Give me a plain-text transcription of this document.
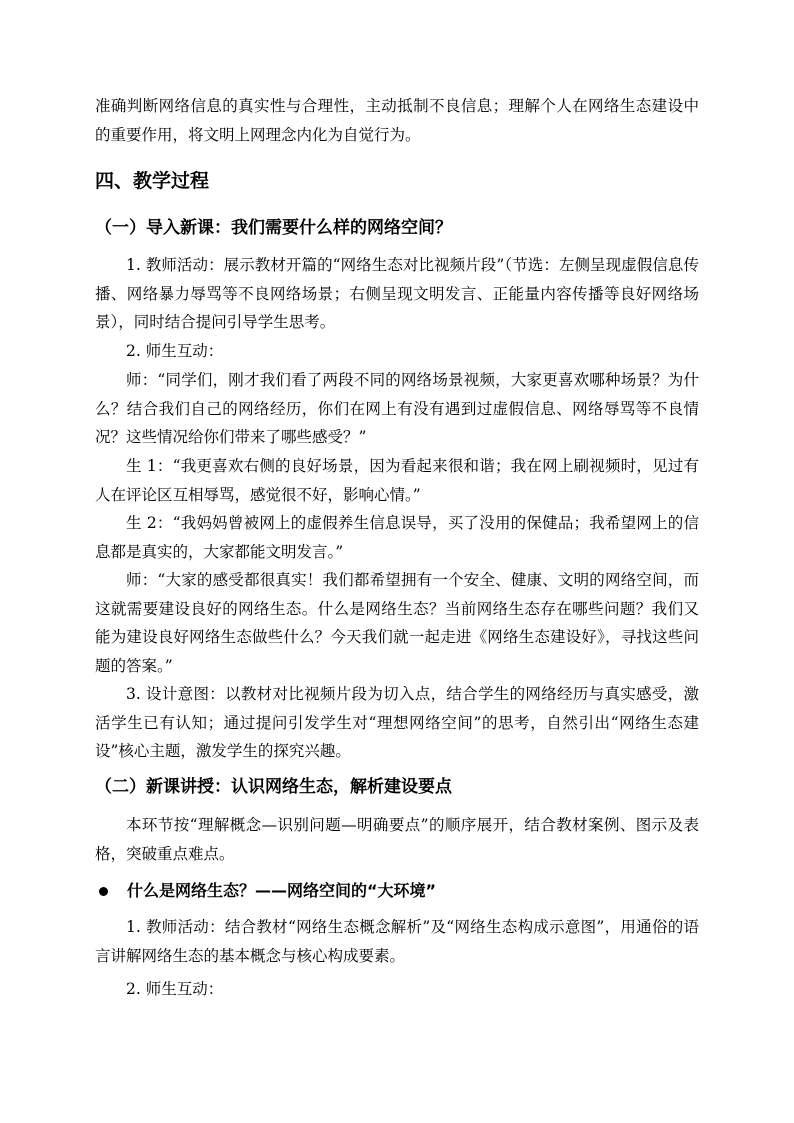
准确判断网络信息的真实性与合理性，主动抵制不良信息；理解个人在网络生态建设中的重要作用，将文明上网理念内化为自觉行为。

四、教学过程
（一）导入新课：我们需要什么样的网络空间？

1. 教师活动：展示教材开篇的“网络生态对比视频片段”（节选：左侧呈现虚假信息传播、网络暴力辱骂等不良网络场景；右侧呈现文明发言、正能量内容传播等良好网络场景），同时结合提问引导学生思考。

2. 师生互动：

师：“同学们，刚才我们看了两段不同的网络场景视频，大家更喜欢哪种场景？为什么？结合我们自己的网络经历，你们在网上有没有遇到过虚假信息、网络辱骂等不良情况？这些情况给你们带来了哪些感受？”

生 1：“我更喜欢右侧的良好场景，因为看起来很和谐；我在网上刷视频时，见过有人在评论区互相辱骂，感觉很不好，影响心情。”

生 2：“我妈妈曾被网上的虚假养生信息误导，买了没用的保健品；我希望网上的信息都是真实的，大家都能文明发言。”

师：“大家的感受都很真实！我们都希望拥有一个安全、健康、文明的网络空间，而这就需要建设良好的网络生态。什么是网络生态？当前网络生态存在哪些问题？我们又能为建设良好网络生态做些什么？今天我们就一起走进《网络生态建设好》，寻找这些问题的答案。”

3. 设计意图：以教材对比视频片段为切入点，结合学生的网络经历与真实感受，激活学生已有认知；通过提问引发学生对“理想网络空间”的思考，自然引出“网络生态建设”核心主题，激发学生的探究兴趣。

（二）新课讲授：认识网络生态，解析建设要点

本环节按“理解概念—识别问题—明确要点”的顺序展开，结合教材案例、图示及表格，突破重点难点。

什么是网络生态？——网络空间的“大环境”

1. 教师活动：结合教材“网络生态概念解析”及“网络生态构成示意图”，用通俗的语言讲解网络生态的基本概念与核心构成要素。

2. 师生互动：
